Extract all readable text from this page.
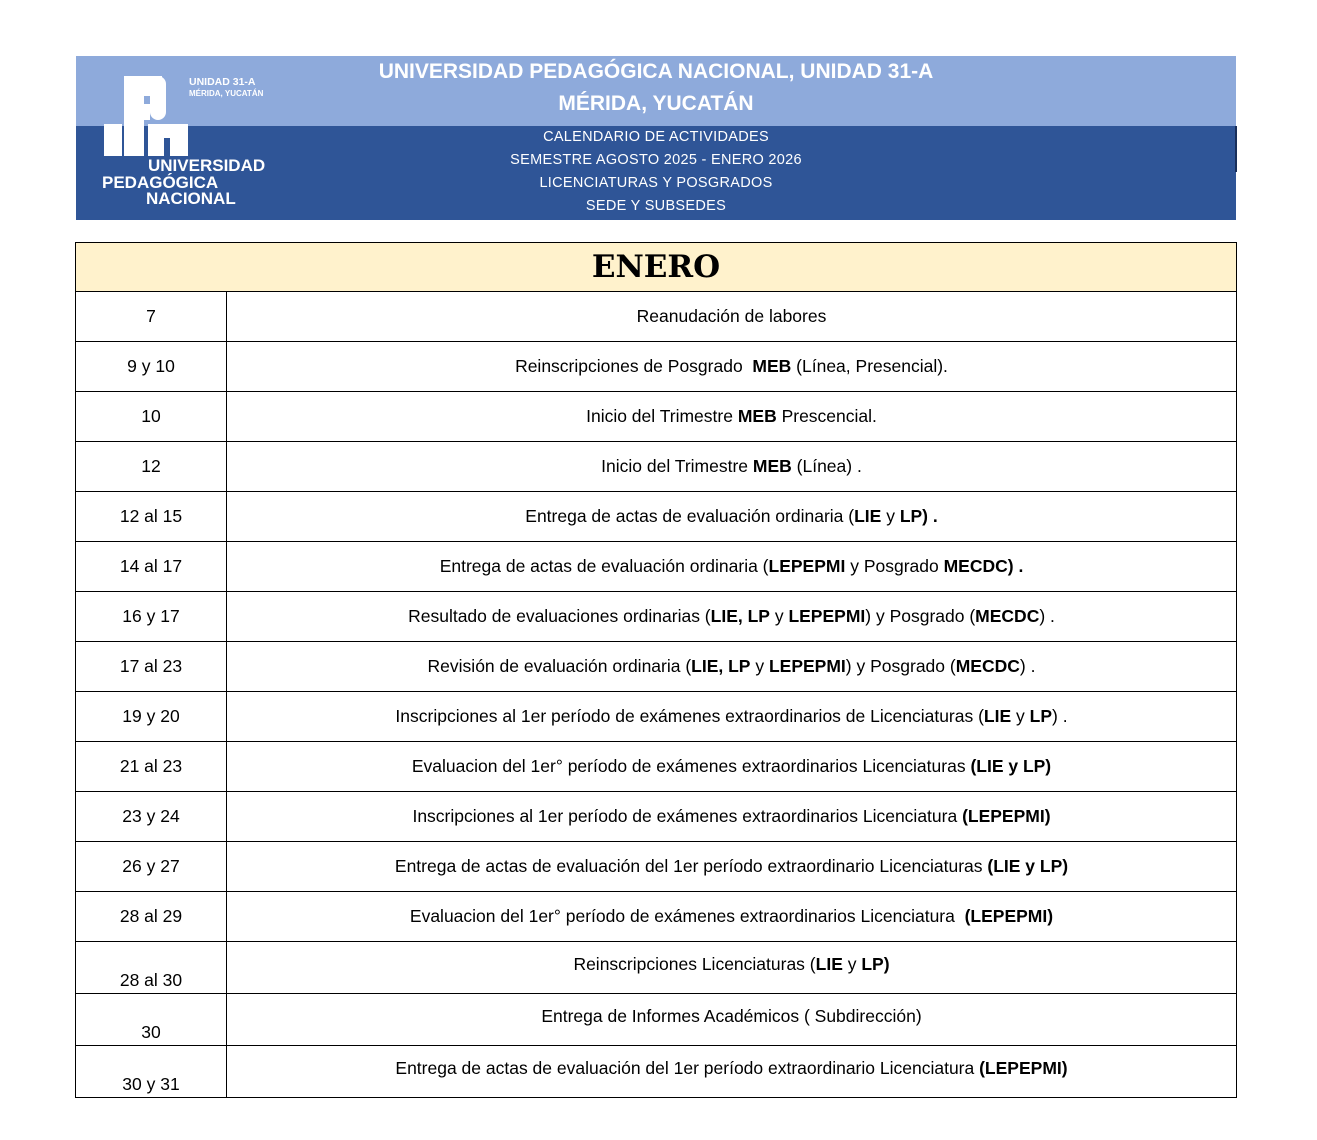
UNIDAD 31-A
MÉRIDA, YUCATÁN
UNIVERSIDAD
PEDAGÓGICA
NACIONAL
UNIVERSIDAD PEDAGÓGICA NACIONAL, UNIDAD 31-A
MÉRIDA, YUCATÁN
CALENDARIO DE ACTIVIDADES
SEMESTRE AGOSTO 2025 - ENERO 2026
LICENCIATURAS Y POSGRADOS
SEDE Y SUBSEDES
ENERO	
7	Reanudación de labores
9 y 10	Reinscripciones de Posgrado  MEB (Línea, Presencial).
10	Inicio del Trimestre MEB Prescencial.
12	Inicio del Trimestre MEB (Línea) .
12 al 15	Entrega de actas de evaluación ordinaria (LIE y LP) .
14 al 17	Entrega de actas de evaluación ordinaria (LEPEPMI y Posgrado MECDC) .
16 y 17	Resultado de evaluaciones ordinarias (LIE, LP y LEPEPMI) y Posgrado (MECDC) .
17 al 23	Revisión de evaluación ordinaria (LIE, LP y LEPEPMI) y Posgrado (MECDC) .
19 y 20	Inscripciones al 1er período de exámenes extraordinarios de Licenciaturas (LIE y LP) .
21 al 23	Evaluacion del 1er° período de exámenes extraordinarios Licenciaturas (LIE y LP)
23 y 24	Inscripciones al 1er período de exámenes extraordinarios Licenciatura (LEPEPMI)
26 y 27	Entrega de actas de evaluación del 1er período extraordinario Licenciaturas (LIE y LP)
28 al 29	Evaluacion del 1er° período de exámenes extraordinarios Licenciatura  (LEPEPMI)
28 al 30	Reinscripciones Licenciaturas (LIE y LP)
30	Entrega de Informes Académicos ( Subdirección)
30 y 31	Entrega de actas de evaluación del 1er período extraordinario Licenciatura (LEPEPMI)
